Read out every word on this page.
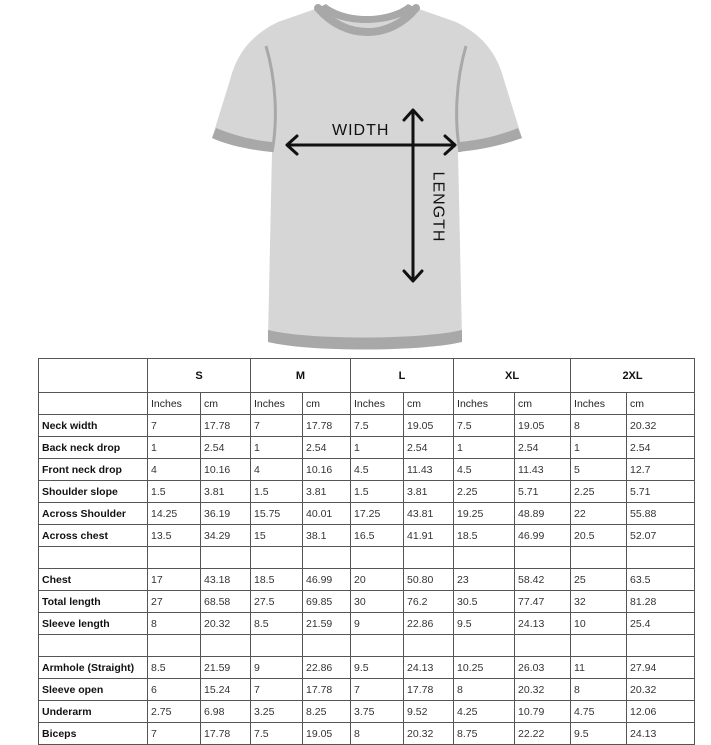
WIDTH
LENGTH
	S		M		L		XL		2XL	
	Inches	cm	Inches	cm	Inches	cm	Inches	cm	Inches	cm
Neck width	7	17.78	7	17.78	7.5	19.05	7.5	19.05	8	20.32
Back neck drop	1	2.54	1	2.54	1	2.54	1	2.54	1	2.54
Front neck drop	4	10.16	4	10.16	4.5	11.43	4.5	11.43	5	12.7
Shoulder slope	1.5	3.81	1.5	3.81	1.5	3.81	2.25	5.71	2.25	5.71
Across Shoulder	14.25	36.19	15.75	40.01	17.25	43.81	19.25	48.89	22	55.88
Across chest	13.5	34.29	15	38.1	16.5	41.91	18.5	46.99	20.5	52.07

Chest	17	43.18	18.5	46.99	20	50.80	23	58.42	25	63.5
Total length	27	68.58	27.5	69.85	30	76.2	30.5	77.47	32	81.28
Sleeve length	8	20.32	8.5	21.59	9	22.86	9.5	24.13	10	25.4

Armhole (Straight)	8.5	21.59	9	22.86	9.5	24.13	10.25	26.03	11	27.94
Sleeve open	6	15.24	7	17.78	7	17.78	8	20.32	8	20.32
Underarm	2.75	6.98	3.25	8.25	3.75	9.52	4.25	10.79	4.75	12.06
Biceps	7	17.78	7.5	19.05	8	20.32	8.75	22.22	9.5	24.13
